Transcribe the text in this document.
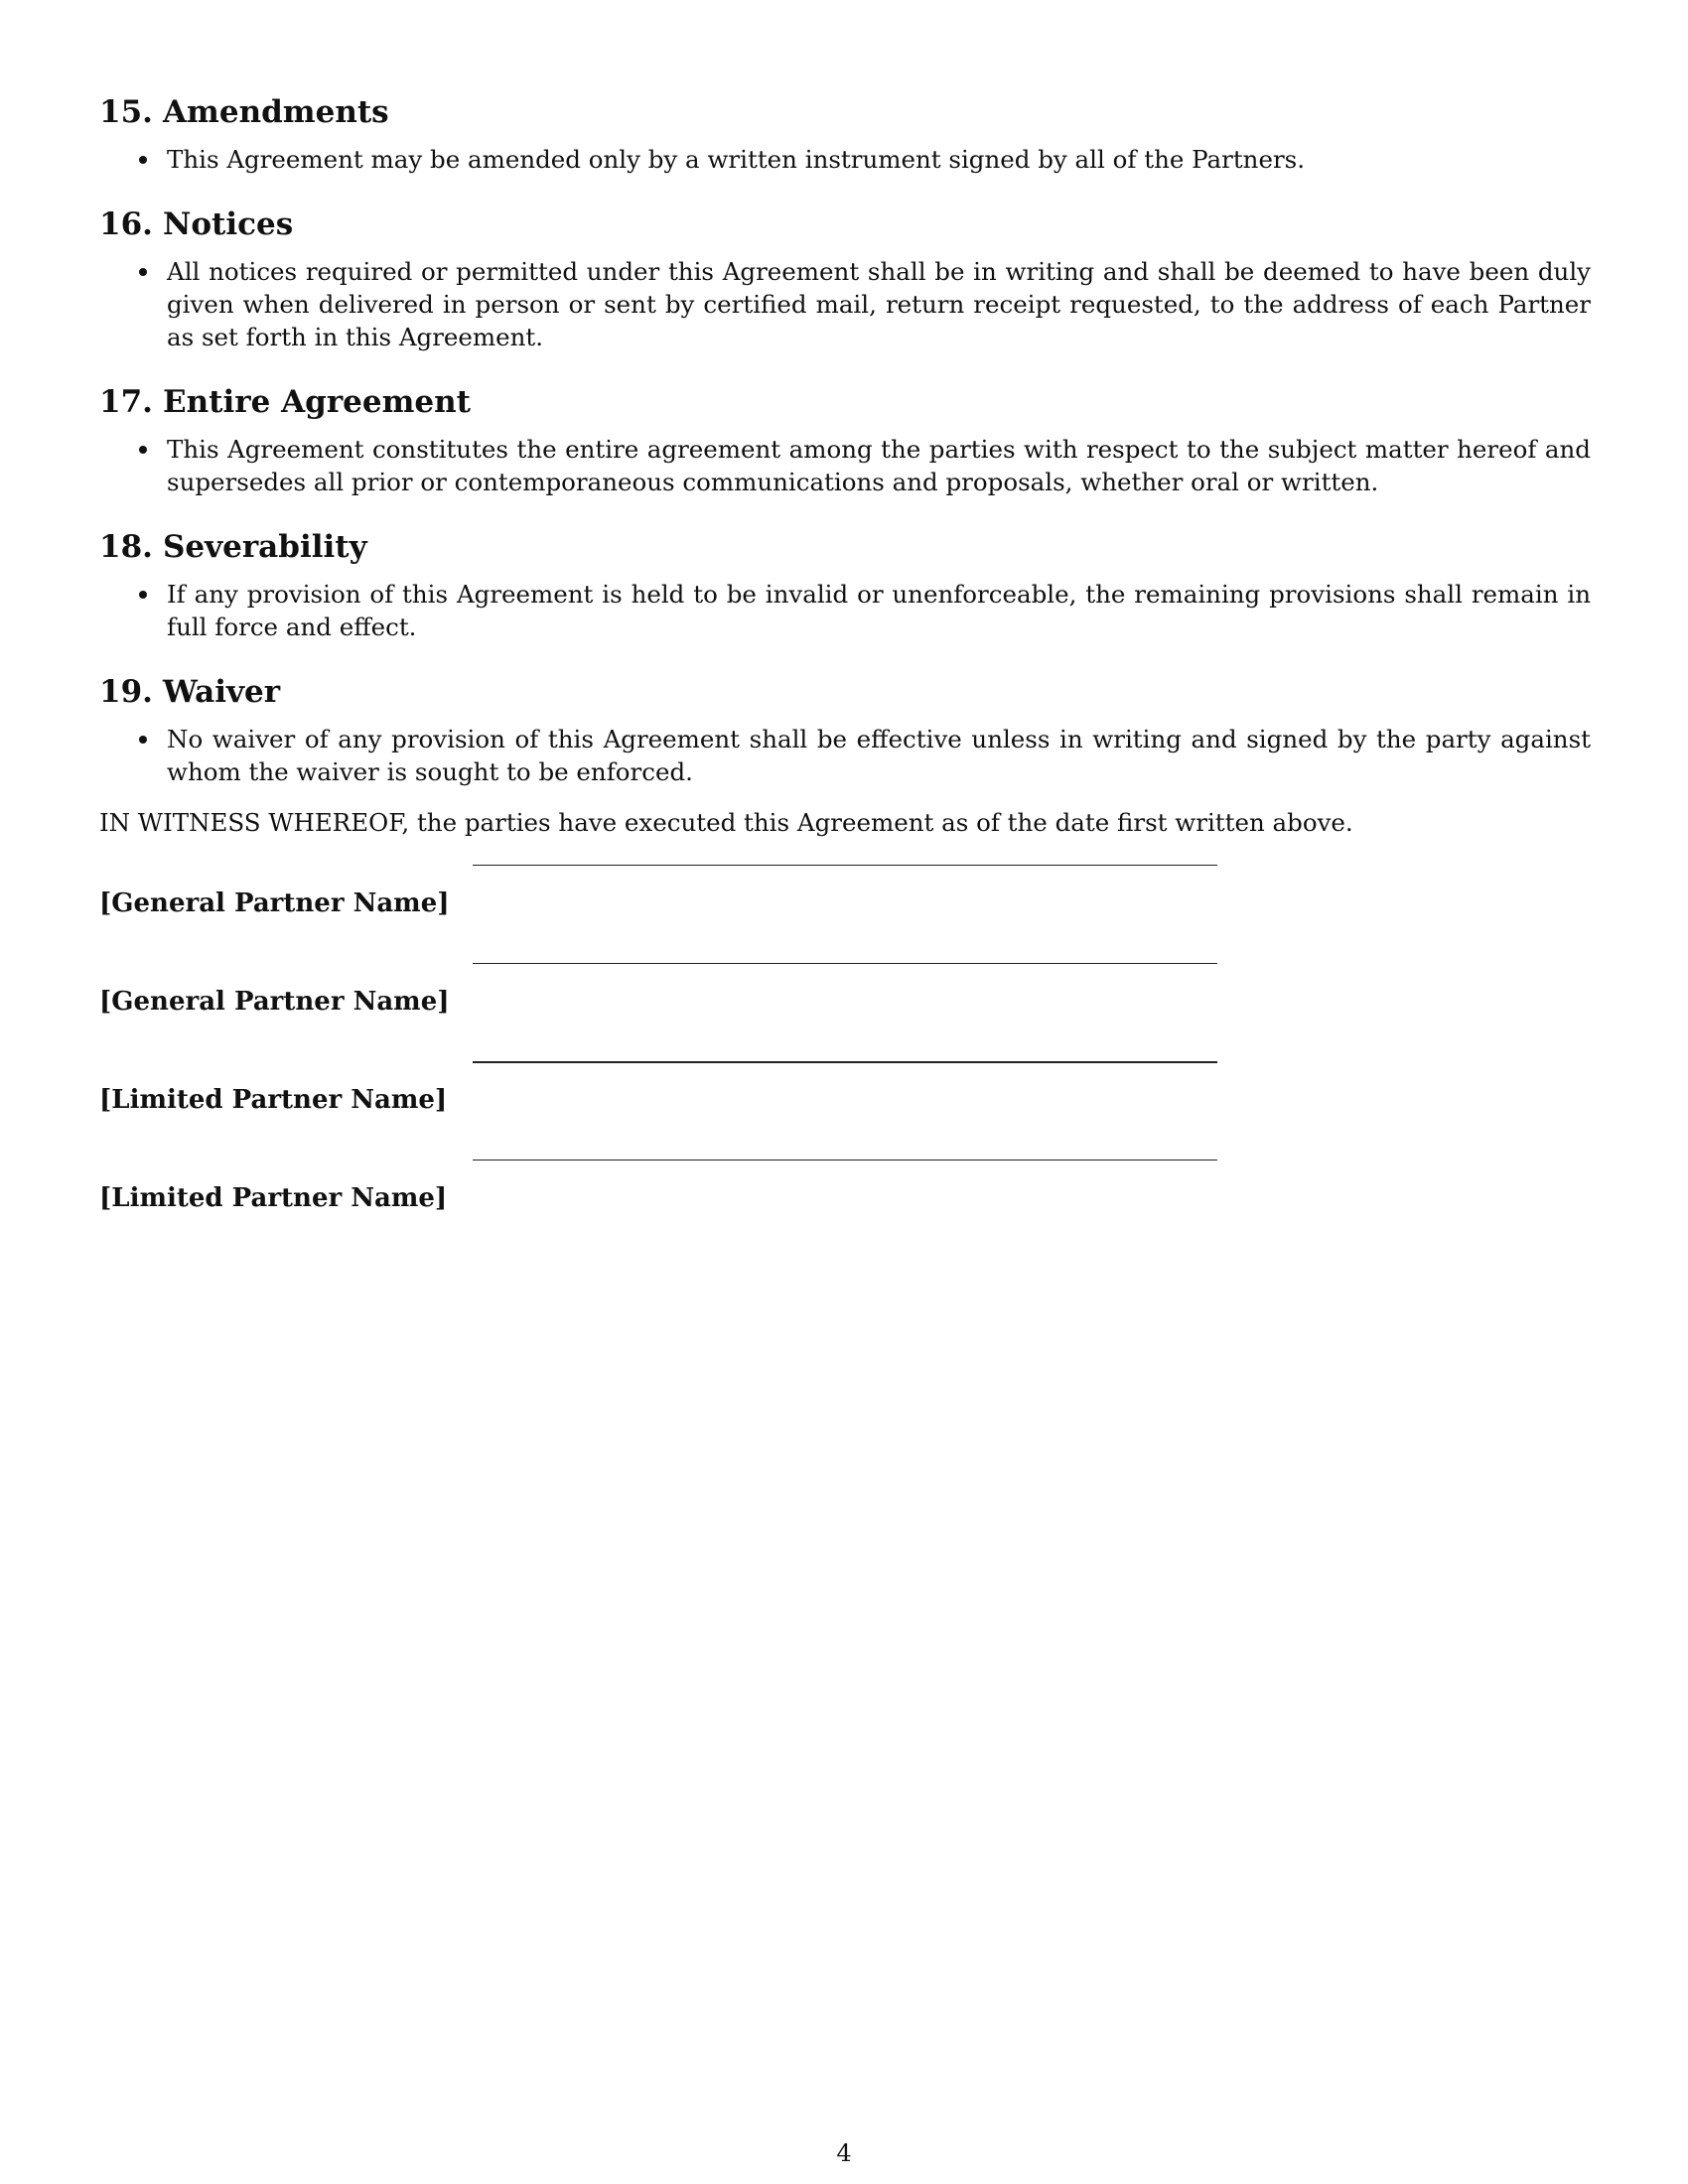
15. Amendments
This Agreement may be amended only by a written instrument signed by all of the Partners.
16. Notices
All notices required or permitted under this Agreement shall be in writing and shall be deemed to have been duly given when delivered in person or sent by certified mail, return receipt requested, to the address of each Partner as set forth in this Agreement.
17. Entire Agreement
This Agreement constitutes the entire agreement among the parties with respect to the subject matter hereof and supersedes all prior or contemporaneous communications and proposals, whether oral or written.
18. Severability
If any provision of this Agreement is held to be invalid or unenforceable, the remaining provisions shall remain in full force and effect.
19. Waiver
No waiver of any provision of this Agreement shall be effective unless in writing and signed by the party against whom the waiver is sought to be enforced.

IN WITNESS WHEREOF, the parties have executed this Agreement as of the date first written above.

[General Partner Name]
[General Partner Name]
[Limited Partner Name]
[Limited Partner Name]
4
